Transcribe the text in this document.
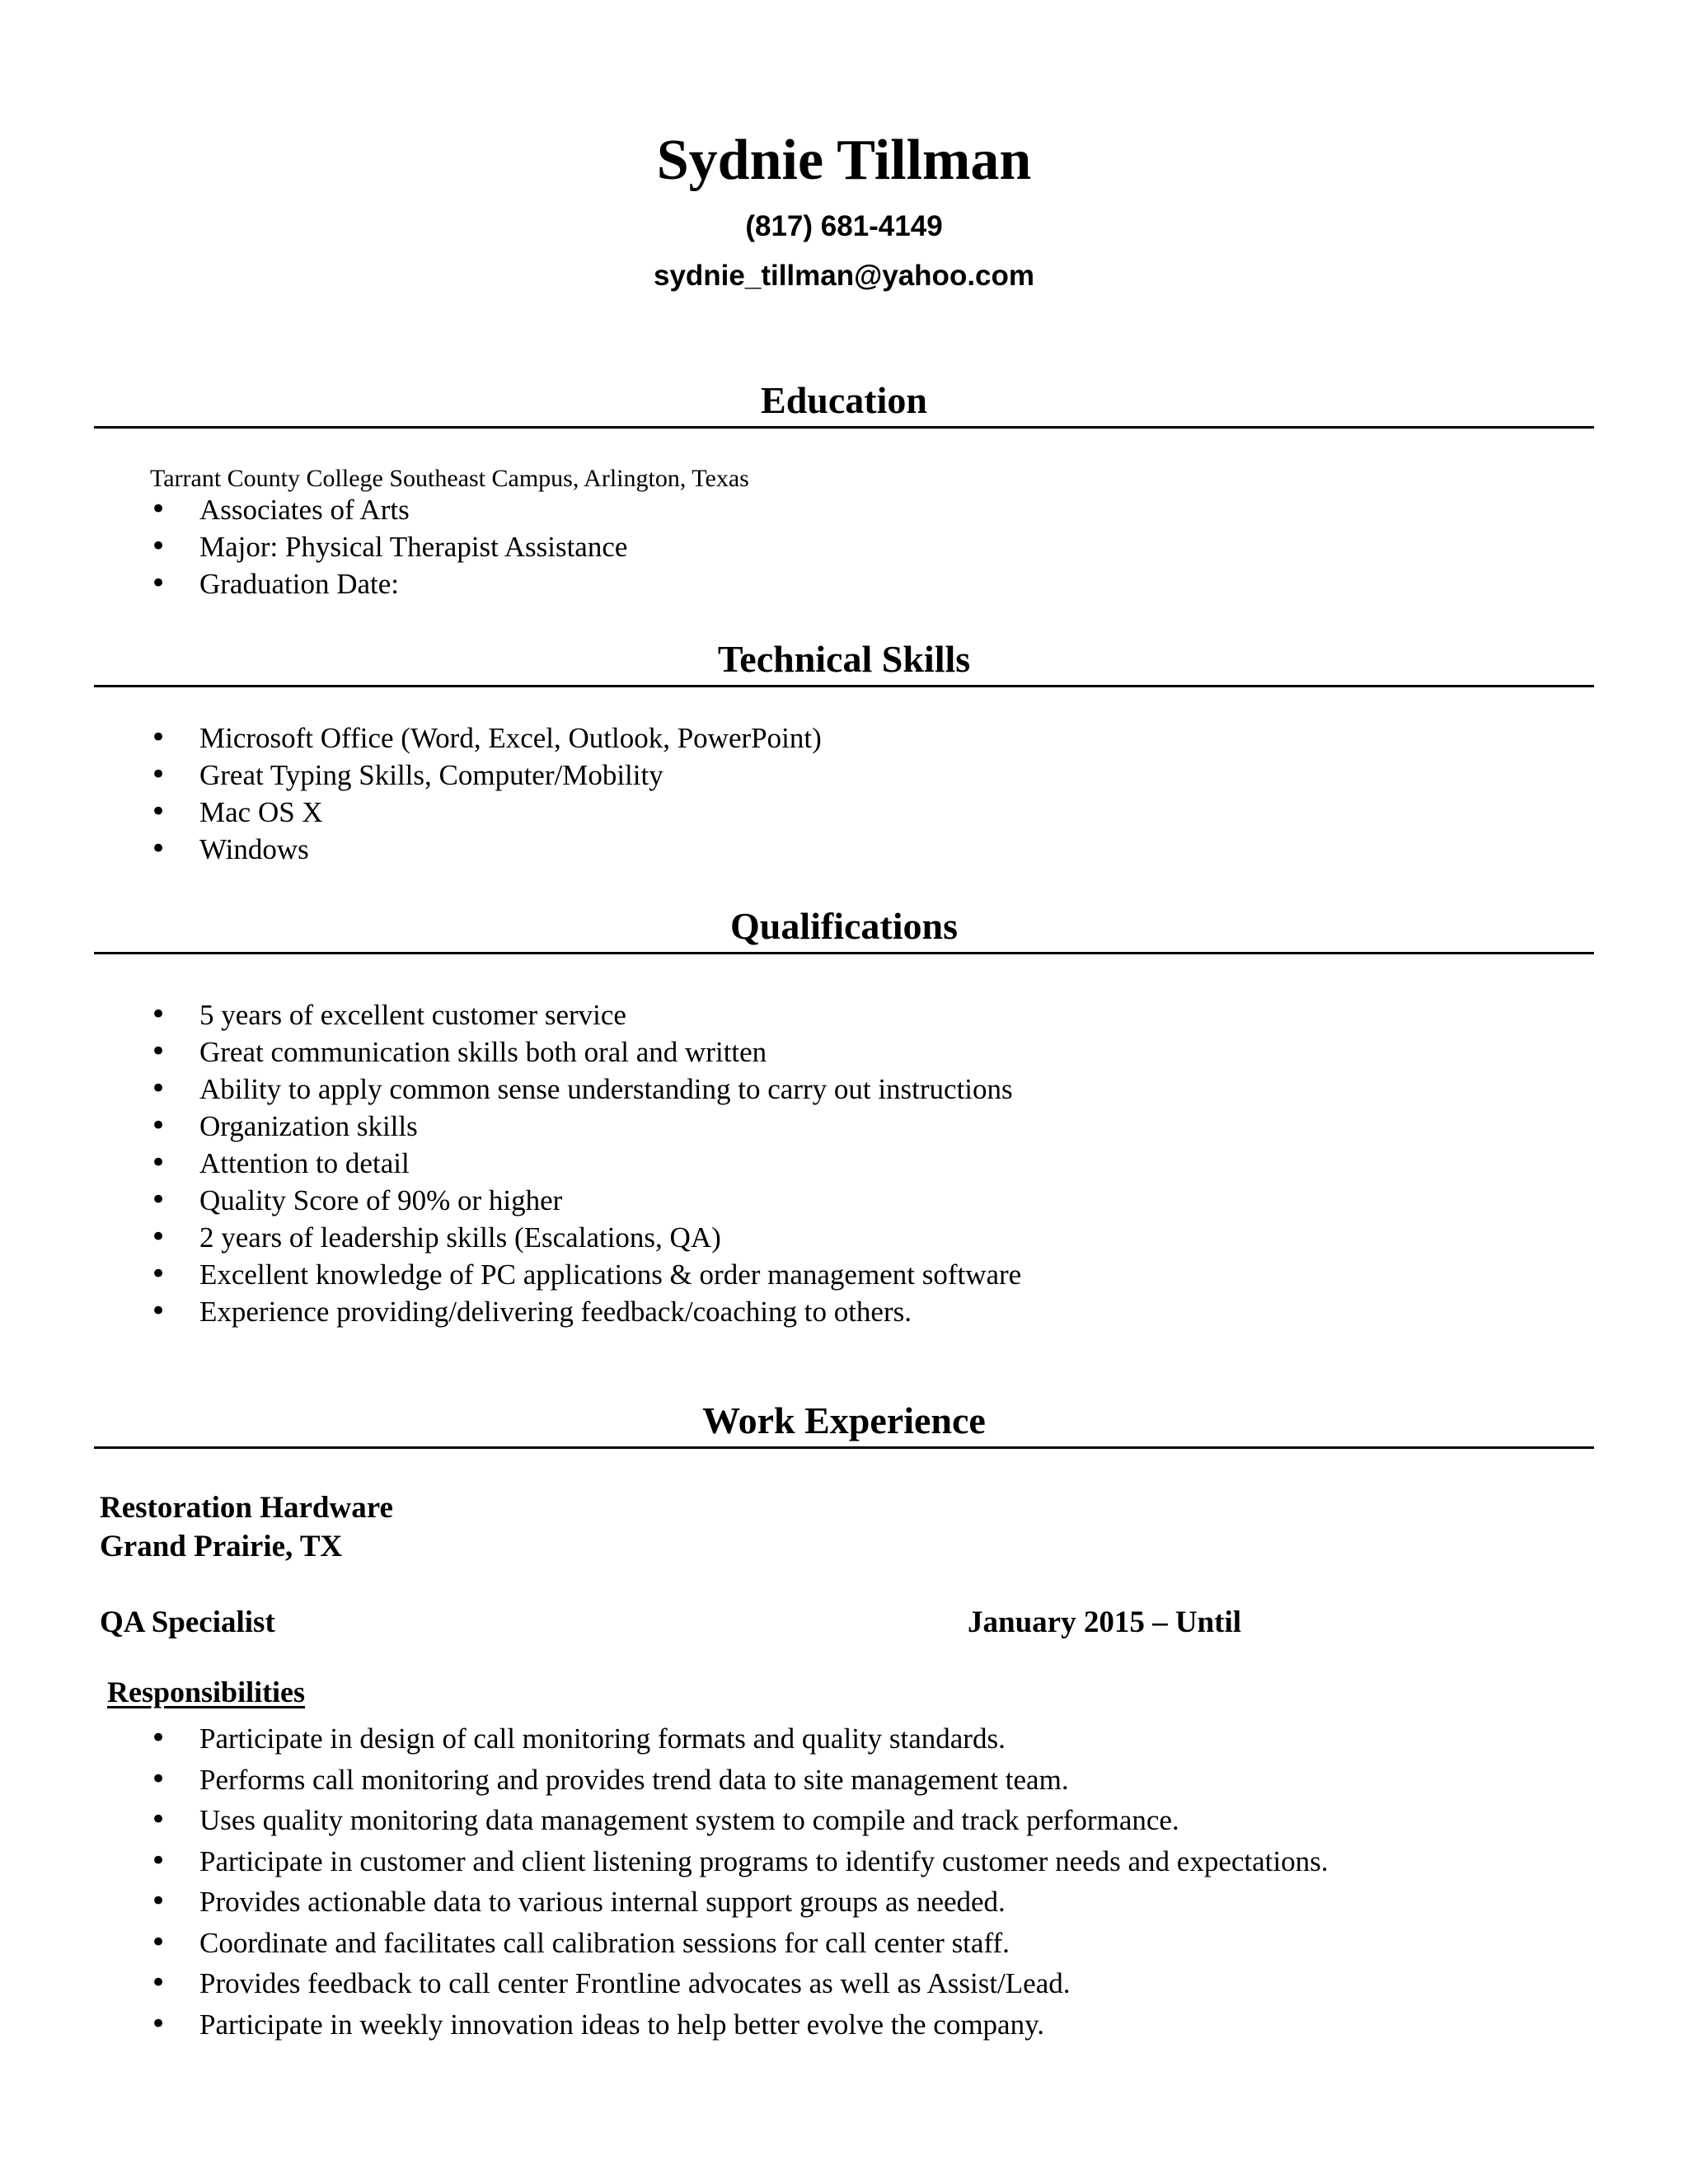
Sydnie Tillman
(817) 681-4149
sydnie_tillman@yahoo.com
Education
Tarrant County College Southeast Campus, Arlington, Texas
• Associates of Arts
• Major: Physical Therapist Assistance
• Graduation Date:
Technical Skills
• Microsoft Office (Word, Excel, Outlook, PowerPoint)
• Great Typing Skills, Computer/Mobility
• Mac OS X
• Windows
Qualifications
• 5 years of excellent customer service
• Great communication skills both oral and written
• Ability to apply common sense understanding to carry out instructions
• Organization skills
• Attention to detail
• Quality Score of 90% or higher
• 2 years of leadership skills (Escalations, QA)
• Excellent knowledge of PC applications & order management software
• Experience providing/delivering feedback/coaching to others.
Work Experience
Restoration Hardware
Grand Prairie, TX
QA Specialist	January 2015 – Until
Responsibilities
• Participate in design of call monitoring formats and quality standards.
• Performs call monitoring and provides trend data to site management team.
• Uses quality monitoring data management system to compile and track performance.
• Participate in customer and client listening programs to identify customer needs and expectations.
• Provides actionable data to various internal support groups as needed.
• Coordinate and facilitates call calibration sessions for call center staff.
• Provides feedback to call center Frontline advocates as well as Assist/Lead.
• Participate in weekly innovation ideas to help better evolve the company.
